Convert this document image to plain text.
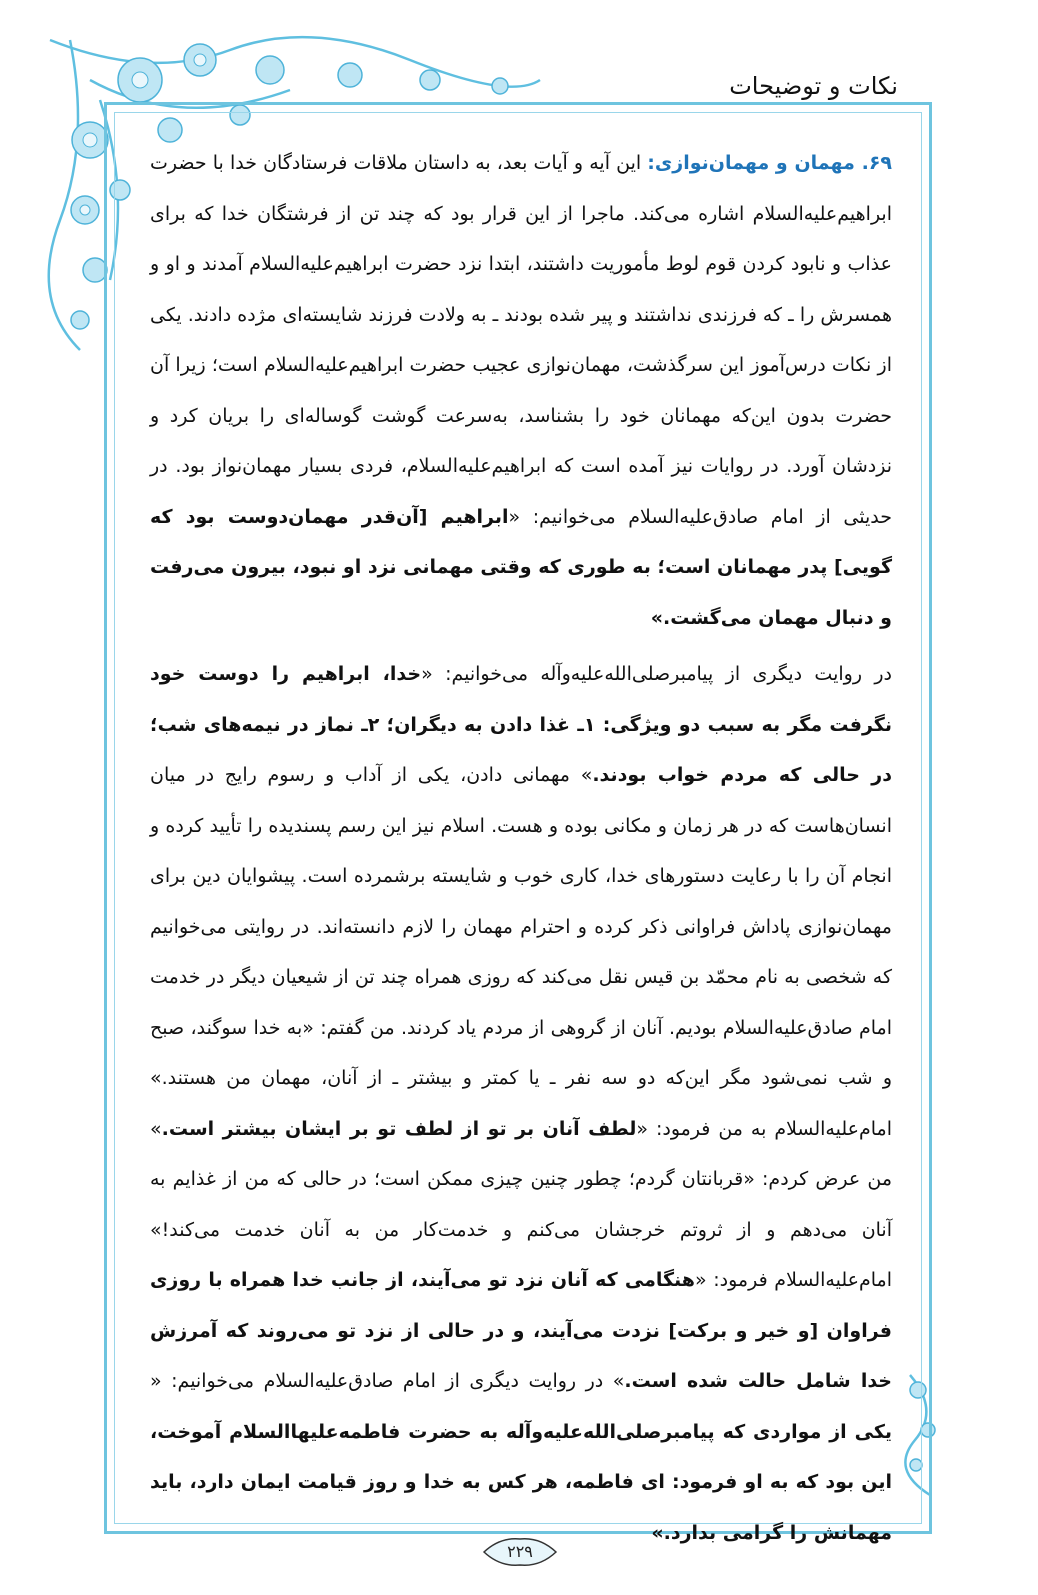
نکات و توضیحات

۶۹. مهمان و مهمان‌نوازی: این آیه و آیات بعد، به داستان ملاقات فرستادگان خدا با حضرت ابراهیم‌علیه‌السلام اشاره می‌کند. ماجرا از این قرار بود که چند تن از فرشتگان خدا که برای عذاب و نابود کردن قوم لوط مأموریت داشتند، ابتدا نزد حضرت ابراهیم‌علیه‌السلام آمدند و او و همسرش را ـ که فرزندی نداشتند و پیر شده بودند ـ به ولادت فرزند شایسته‌ای مژده دادند. یکی از نکات درس‌آموز این سرگذشت، مهمان‌نوازی عجیب حضرت ابراهیم‌علیه‌السلام است؛ زیرا آن حضرت بدون این‌که مهمانان خود را بشناسد، به‌سرعت گوشت گوساله‌ای را بریان کرد و نزدشان آورد. در روایات نیز آمده است که ابراهیم‌علیه‌السلام، فردی بسیار مهمان‌نواز بود. در حدیثی از امام صادق‌علیه‌السلام می‌خوانیم: «ابراهیم [آن‌قدر مهمان‌دوست بود که گویی] پدر مهمانان است؛ به طوری که وقتی مهمانی نزد او نبود، بیرون می‌رفت و دنبال مهمان می‌گشت.»

در روایت دیگری از پیامبرصلی‌الله‌علیه‌وآله می‌خوانیم: «خدا، ابراهیم را دوست خود نگرفت مگر به سبب دو ویژگی: ۱ـ غذا دادن به دیگران؛ ۲ـ نماز در نیمه‌های شب؛ در حالی که مردم خواب بودند.» مهمانی دادن، یکی از آداب و رسوم رایج در میان انسان‌هاست که در هر زمان و مکانی بوده و هست. اسلام نیز این رسم پسندیده را تأیید کرده و انجام آن را با رعایت دستورهای خدا، کاری خوب و شایسته برشمرده است. پیشوایان دین برای مهمان‌نوازی پاداش فراوانی ذکر کرده و احترام مهمان را لازم دانسته‌اند. در روایتی می‌خوانیم که شخصی به نام محمّد بن قیس نقل می‌کند که روزی همراه چند تن از شیعیان دیگر در خدمت امام صادق‌علیه‌السلام بودیم. آنان از گروهی از مردم یاد کردند. من گفتم: «به خدا سوگند، صبح و شب نمی‌شود مگر این‌که دو سه نفر ـ یا کمتر و بیشتر ـ از آنان، مهمان من هستند.» امام‌علیه‌السلام به من فرمود: «لطف آنان بر تو از لطف تو بر ایشان بیشتر است.» من عرض کردم: «قربانتان گردم؛ چطور چنین چیزی ممکن است؛ در حالی که من از غذایم به آنان می‌دهم و از ثروتم خرجشان می‌کنم و خدمت‌کار من به آنان خدمت می‌کند!» امام‌علیه‌السلام فرمود: «هنگامی که آنان نزد تو می‌آیند، از جانب خدا همراه با روزی فراوان [و خیر و برکت] نزدت می‌آیند، و در حالی از نزد تو می‌روند که آمرزش خدا شامل حالت شده است.» در روایت دیگری از امام صادق‌علیه‌السلام می‌خوانیم: « یکی از مواردی که پیامبرصلی‌الله‌علیه‌وآله به حضرت فاطمه‌علیهاالسلام آموخت، این بود که به او فرمود: ای فاطمه، هر کس به خدا و روز قیامت ایمان دارد، باید مهمانش را گرامی بدارد.»

۲۲۹
